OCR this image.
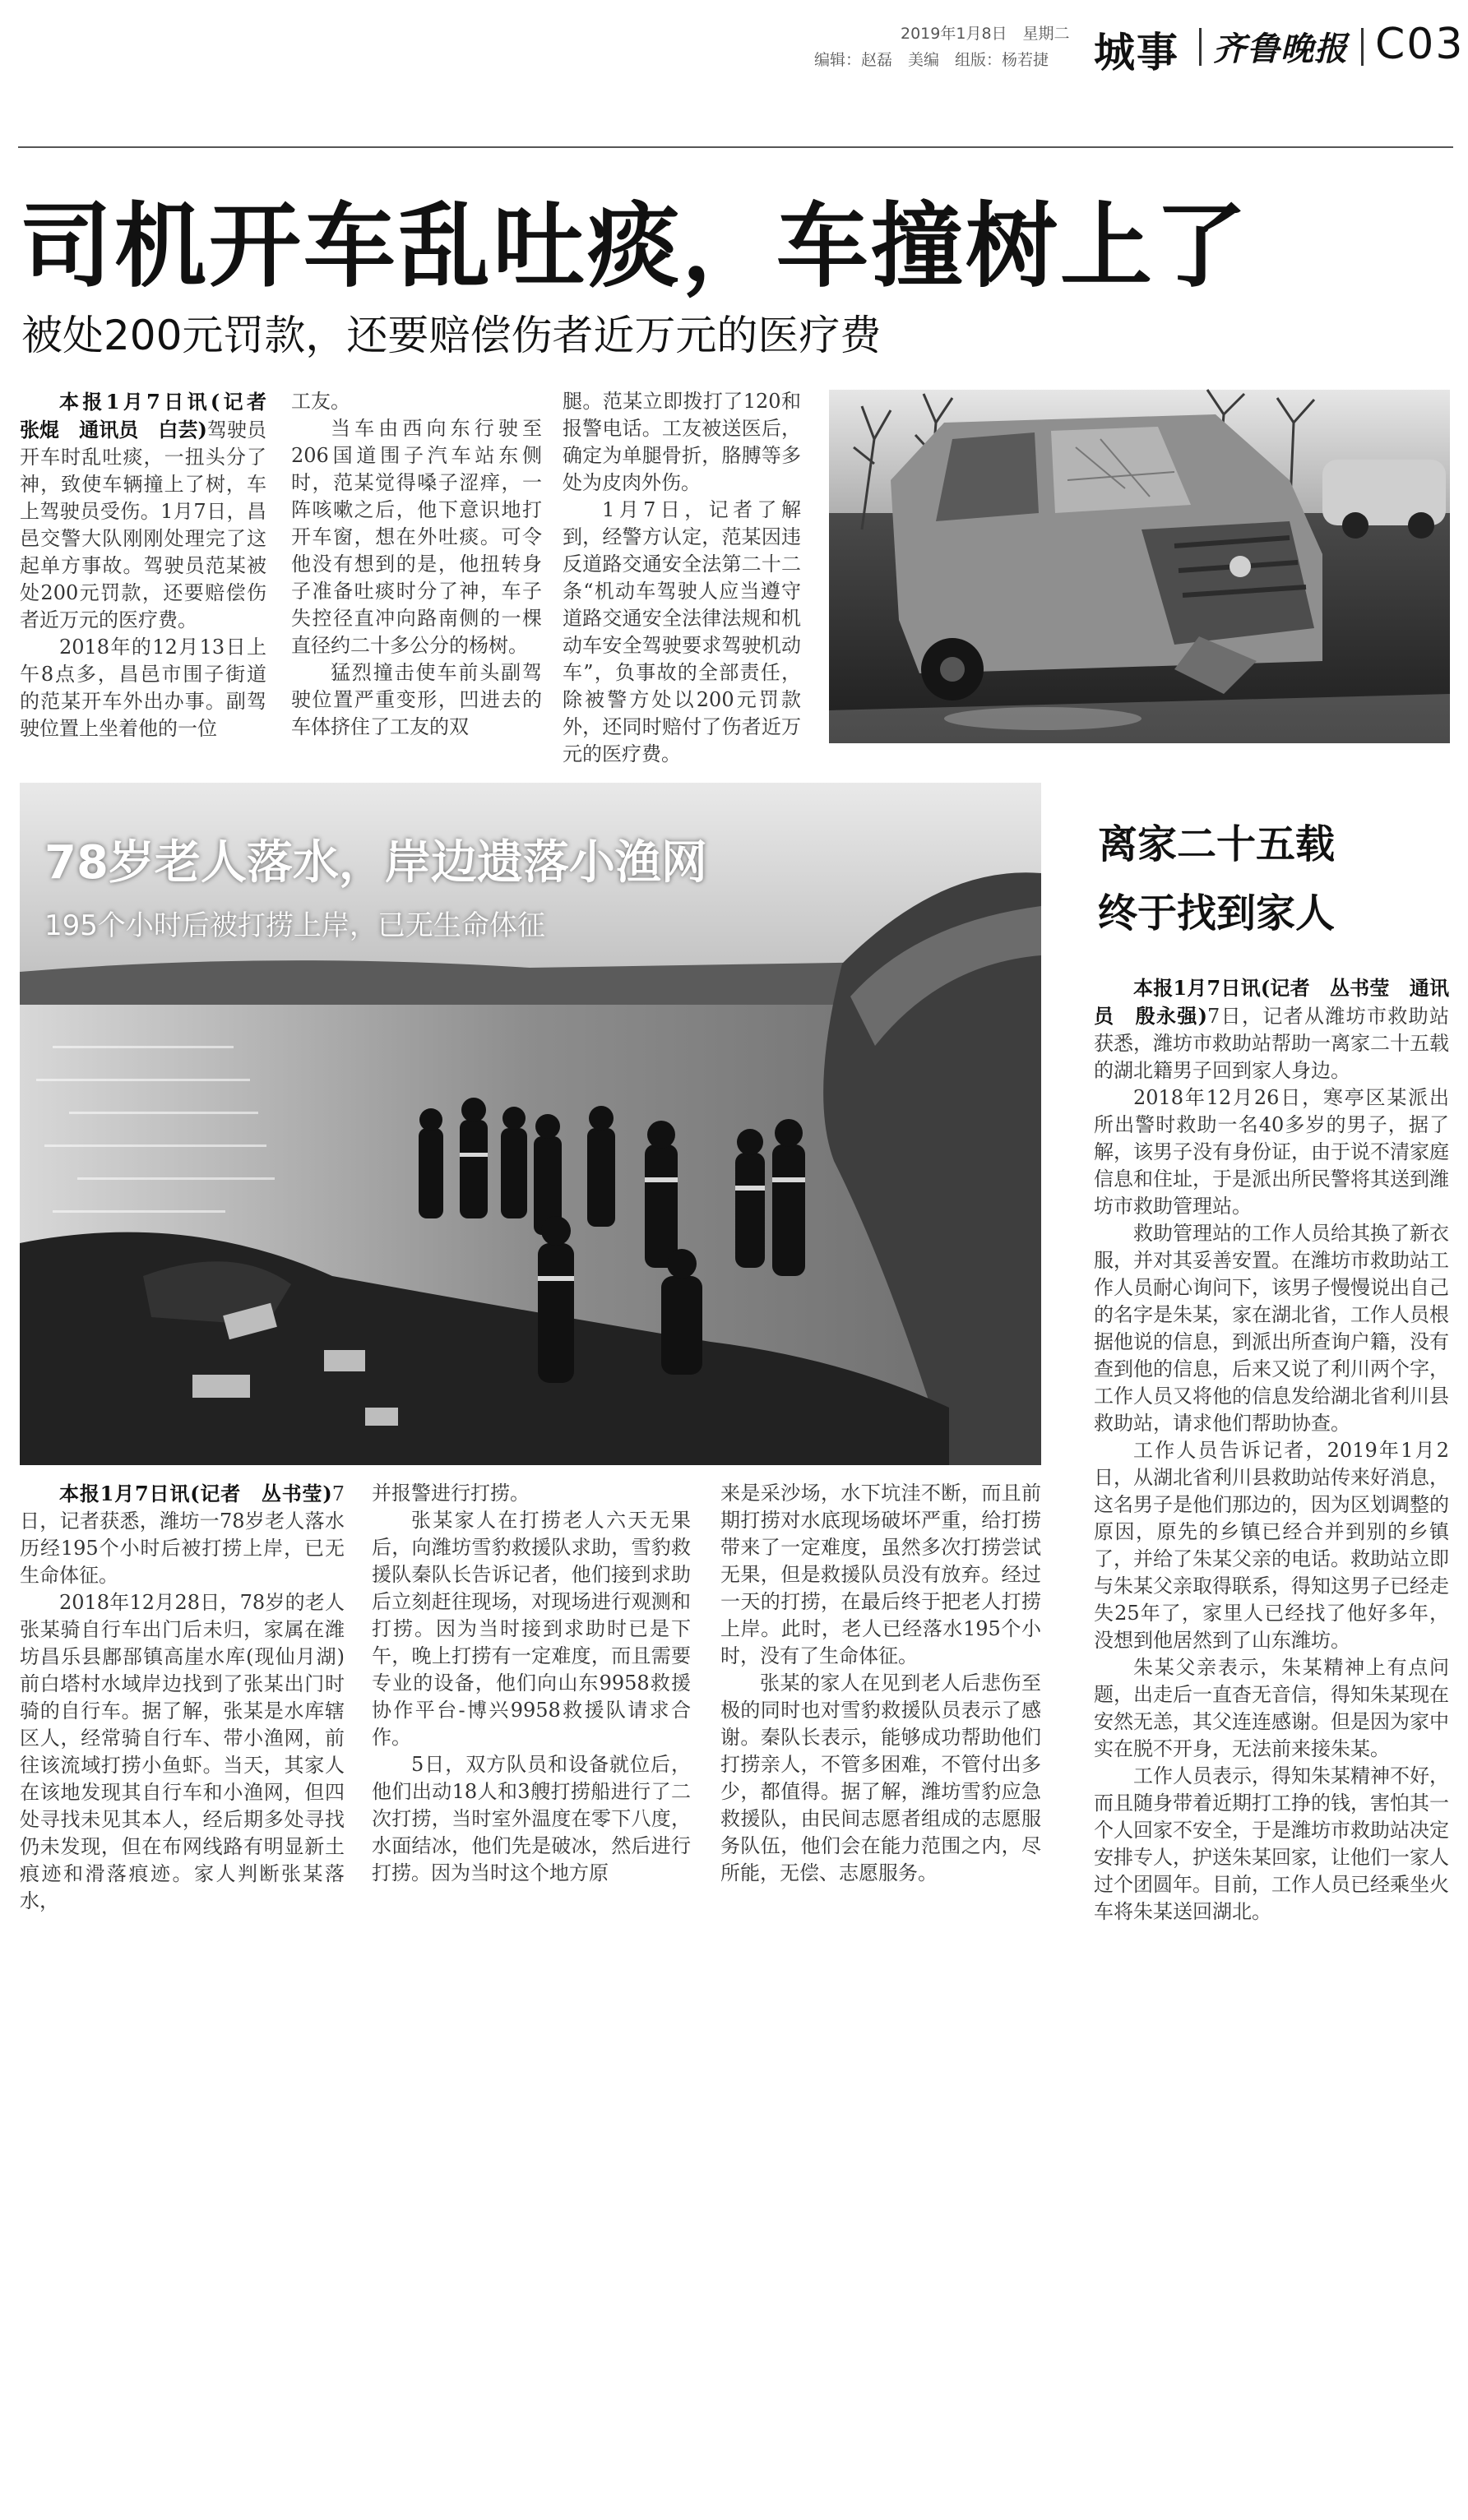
2019年1月8日　星期二
编辑：赵磊　美编　组版：杨若捷 城事 齐鲁晚报 C03
司机开车乱吐痰，车撞树上了
被处200元罚款，还要赔偿伤者近万元的医疗费

本报1月7日讯(记者　张焜　通讯员　白芸)驾驶员开车时乱吐痰，一扭头分了神，致使车辆撞上了树，车上驾驶员受伤。1月7日，昌邑交警大队刚刚处理完了这起单方事故。驾驶员范某被处200元罚款，还要赔偿伤者近万元的医疗费。

2018年的12月13日上午8点多，昌邑市围子街道的范某开车外出办事。副驾驶位置上坐着他的一位

工友。

当车由西向东行驶至206国道围子汽车站东侧时，范某觉得嗓子涩痒，一阵咳嗽之后，他下意识地打开车窗，想在外吐痰。可令他没有想到的是，他扭转身子准备吐痰时分了神，车子失控径直冲向路南侧的一棵直径约二十多公分的杨树。

猛烈撞击使车前头副驾驶位置严重变形，凹进去的车体挤住了工友的双

腿。范某立即拨打了120和报警电话。工友被送医后，确定为单腿骨折，胳膊等多处为皮肉外伤。

1月7日，记者了解到，经警方认定，范某因违反道路交通安全法第二十二条“机动车驾驶人应当遵守道路交通安全法律法规和机动车安全驾驶要求驾驶机动车”，负事故的全部责任，除被警方处以200元罚款外，还同时赔付了伤者近万元的医疗费。

78岁老人落水，岸边遗落小渔网
195个小时后被打捞上岸，已无生命体征

本报1月7日讯(记者　丛书莹)7日，记者获悉，潍坊一78岁老人落水历经195个小时后被打捞上岸，已无生命体征。

2018年12月28日，78岁的老人张某骑自行车出门后未归，家属在潍坊昌乐县鄌郚镇高崖水库(现仙月湖)前白塔村水域岸边找到了张某出门时骑的自行车。据了解，张某是水库辖区人，经常骑自行车、带小渔网，前往该流域打捞小鱼虾。当天，其家人在该地发现其自行车和小渔网，但四处寻找未见其本人，经后期多处寻找仍未发现，但在布网线路有明显新土痕迹和滑落痕迹。家人判断张某落水，

并报警进行打捞。

张某家人在打捞老人六天无果后，向潍坊雪豹救援队求助，雪豹救援队秦队长告诉记者，他们接到求助后立刻赶往现场，对现场进行观测和打捞。因为当时接到求助时已是下午，晚上打捞有一定难度，而且需要专业的设备，他们向山东9958救援协作平台-博兴9958救援队请求合作。

5日，双方队员和设备就位后，他们出动18人和3艘打捞船进行了二次打捞，当时室外温度在零下八度，水面结冰，他们先是破冰，然后进行打捞。因为当时这个地方原

来是采沙场，水下坑洼不断，而且前期打捞对水底现场破坏严重，给打捞带来了一定难度，虽然多次打捞尝试无果，但是救援队员没有放弃。经过一天的打捞，在最后终于把老人打捞上岸。此时，老人已经落水195个小时，没有了生命体征。

张某的家人在见到老人后悲伤至极的同时也对雪豹救援队员表示了感谢。秦队长表示，能够成功帮助他们打捞亲人，不管多困难，不管付出多少，都值得。据了解，潍坊雪豹应急救援队，由民间志愿者组成的志愿服务队伍，他们会在能力范围之内，尽所能，无偿、志愿服务。

离家二十五载
终于找到家人

本报1月7日讯(记者　丛书莹　通讯员　殷永强)7日，记者从潍坊市救助站获悉，潍坊市救助站帮助一离家二十五载的湖北籍男子回到家人身边。

2018年12月26日，寒亭区某派出所出警时救助一名40多岁的男子，据了解，该男子没有身份证，由于说不清家庭信息和住址，于是派出所民警将其送到潍坊市救助管理站。

救助管理站的工作人员给其换了新衣服，并对其妥善安置。在潍坊市救助站工作人员耐心询问下，该男子慢慢说出自己的名字是朱某，家在湖北省，工作人员根据他说的信息，到派出所查询户籍，没有查到他的信息，后来又说了利川两个字，工作人员又将他的信息发给湖北省利川县救助站，请求他们帮助协查。

工作人员告诉记者，2019年1月2日，从湖北省利川县救助站传来好消息，这名男子是他们那边的，因为区划调整的原因，原先的乡镇已经合并到别的乡镇了，并给了朱某父亲的电话。救助站立即与朱某父亲取得联系，得知这男子已经走失25年了，家里人已经找了他好多年，没想到他居然到了山东潍坊。

朱某父亲表示，朱某精神上有点问题，出走后一直杳无音信，得知朱某现在安然无恙，其父连连感谢。但是因为家中实在脱不开身，无法前来接朱某。

工作人员表示，得知朱某精神不好，而且随身带着近期打工挣的钱，害怕其一个人回家不安全，于是潍坊市救助站决定安排专人，护送朱某回家，让他们一家人过个团圆年。目前，工作人员已经乘坐火车将朱某送回湖北。
